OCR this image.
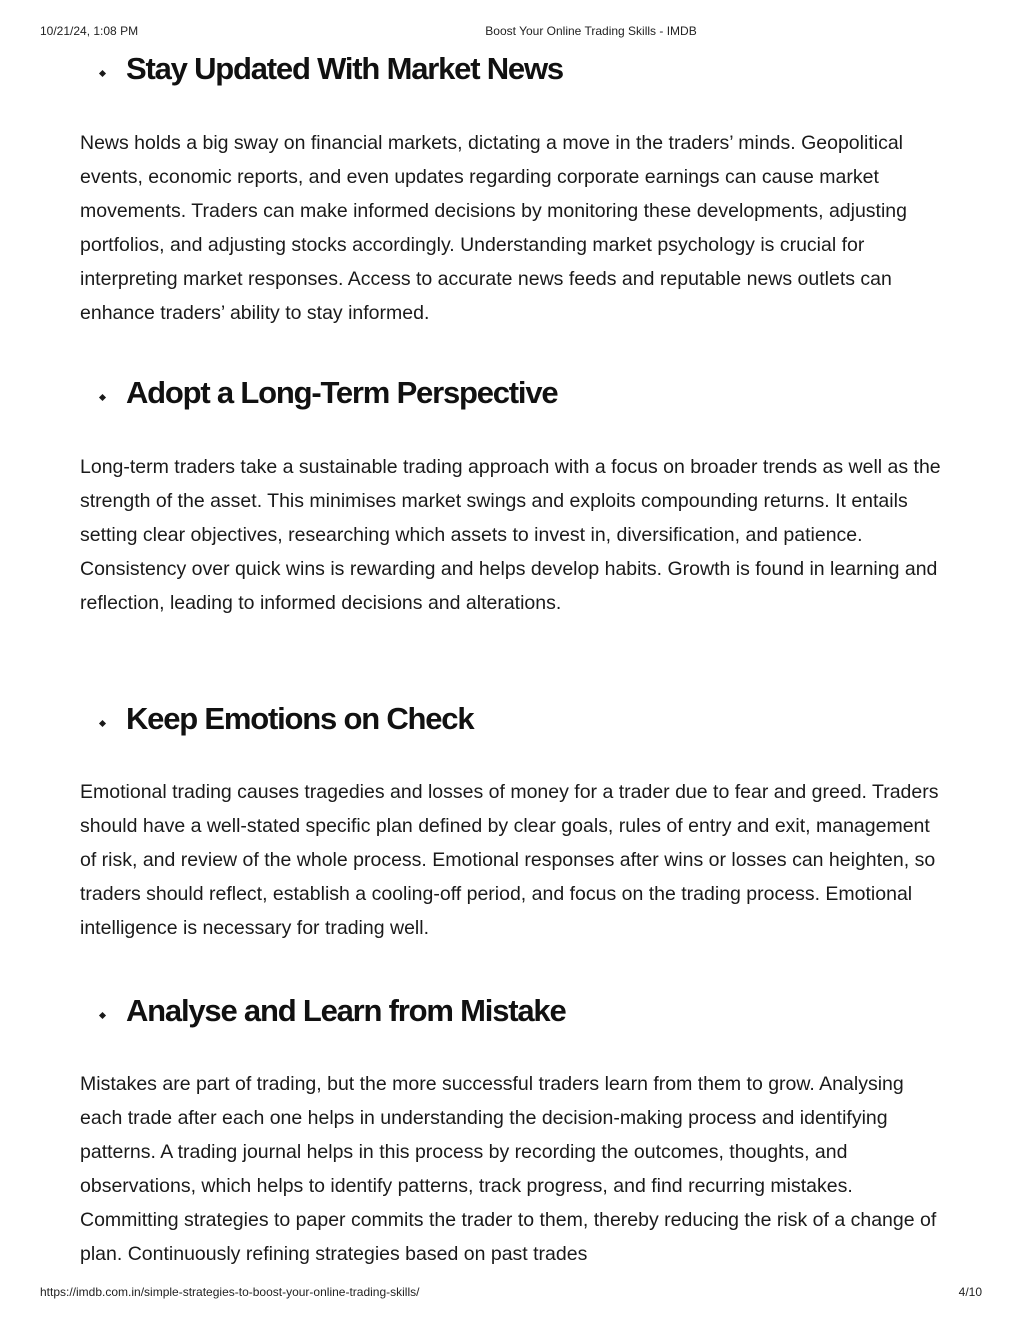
10/21/24, 1:08 PM	Boost Your Online Trading Skills - IMDB
Stay Updated With Market News

News holds a big sway on financial markets, dictating a move in the traders’ minds. Geopolitical events, economic reports, and even updates regarding corporate earnings can cause market movements. Traders can make informed decisions by monitoring these developments, adjusting portfolios, and adjusting stocks accordingly. Understanding market psychology is crucial for interpreting market responses. Access to accurate news feeds and reputable news outlets can enhance traders’ ability to stay informed.

Adopt a Long-Term Perspective

Long-term traders take a sustainable trading approach with a focus on broader trends as well as the strength of the asset. This minimises market swings and exploits compounding returns. It entails setting clear objectives, researching which assets to invest in, diversification, and patience. Consistency over quick wins is rewarding and helps develop habits. Growth is found in learning and reflection, leading to informed decisions and alterations.

Keep Emotions on Check

Emotional trading causes tragedies and losses of money for a trader due to fear and greed. Traders should have a well-stated specific plan defined by clear goals, rules of entry and exit, management of risk, and review of the whole process. Emotional responses after wins or losses can heighten, so traders should reflect, establish a cooling-off period, and focus on the trading process. Emotional intelligence is necessary for trading well.

Analyse and Learn from Mistake

Mistakes are part of trading, but the more successful traders learn from them to grow. Analysing each trade after each one helps in understanding the decision-making process and identifying patterns. A trading journal helps in this process by recording the outcomes, thoughts, and observations, which helps to identify patterns, track progress, and find recurring mistakes. Committing strategies to paper commits the trader to them, thereby reducing the risk of a change of plan. Continuously refining strategies based on past trades

https://imdb.com.in/simple-strategies-to-boost-your-online-trading-skills/	4/10
